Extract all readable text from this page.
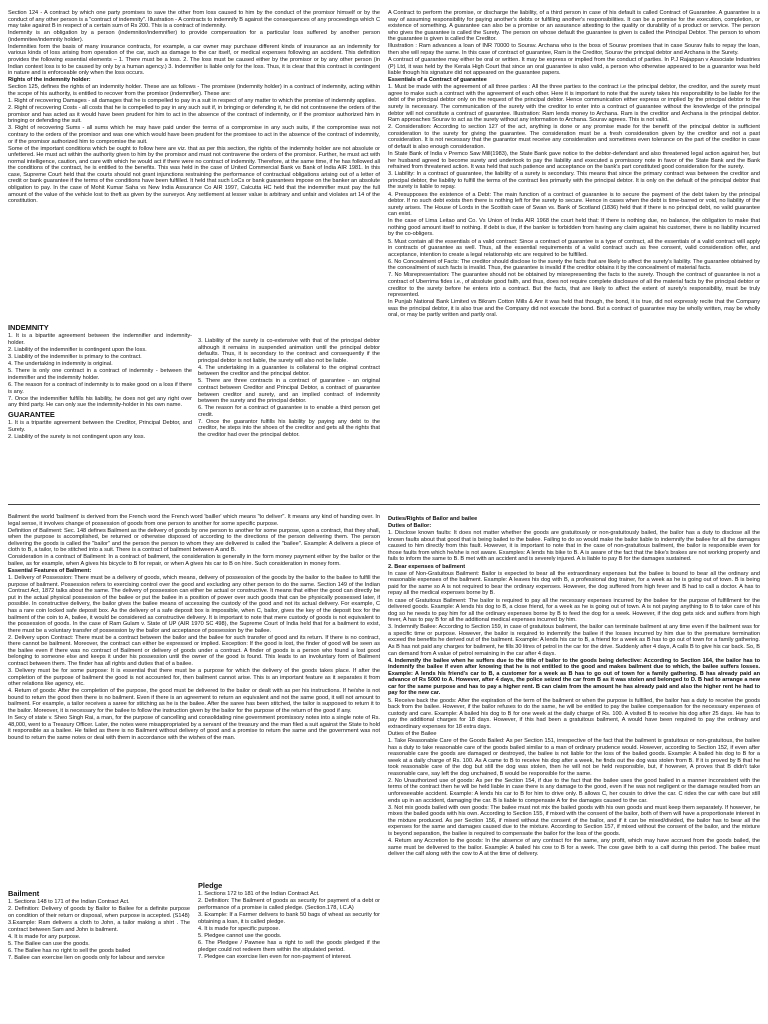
Section 124 - A contract by which one party promises to save the other from loss caused to him by the conduct of the promisor himself or by the conduct of any other person is a "contract of indemnity". Illustration - A contracts to indemnify B against the consequences of any proceedings which C may take against B in respect of a certain sum of Rs 200. This is a contract of indemnity.

Indemnity is an obligation by a person (indemnitor/indemnifier) to provide compensation for a particular loss suffered by another person (indemnitee/indemnity holder).

Indemnities form the basis of many insurance contracts, for example, a car owner may purchase different kinds of insurance as an indemnity for various kinds of loss arising from operation of the car, such as damage to the car itself, or medical expenses following an accident. This definition provides the following essential elements – 1. There must be a loss. 2. The loss must be caused either by the promisor or by any other person (in Indian context loss is to be caused by only by a human agency.) 3. Indemnifier is liable only for the loss. Thus, it is clear that this contract is contingent in nature and is enforceable only when the loss occurs.

Rights of the indemnity holder:

Section 125, defines the rights of an indemnity holder. These are as follows - The promisee (indemnity holder) in a contract of indemnity, acting within the scope of his authority, is entitled to recover from the promisor (indemnifier). These are:

1. Right of recovering Damages - all damages that he is compelled to pay in a suit in respect of any matter to which the promise of indemnity applies.

2. Right of recovering Costs - all costs that he is compelled to pay in any such suit if, in bringing or defending it, he did not contravene the orders of the promisor and has acted as it would have been prudent for him to act in the absence of the contract of indemnity, or if the promisor authorized him in bringing or defending the suit.

3. Right of recovering Sums - all sums which he may have paid under the terms of a compromise in any such suits, if the compromise was not contrary to the orders of the promisor and was one which would have been prudent for the promisee to act in the absence of the contract of indemnity, or if the promisor authorized him to compromise the suit.

Some of the important conditions which be ought to follow here are viz. that as per this section, the rights of the indemnity holder are not absolute or unfettered. He must act within the authority given to him by the promisor and must not contravene the orders of the promisor. Further, he must act with normal intelligence, caution, and care with which he would act if there were no contract of indemnity. Therefore, at the same time, if he has followed all the conditions of the contract, he is entitled to the benefits. This was held in the case of United Commercial Bank vs Bank of India AIR 1981. In this case, Supreme Court held that the courts should not grant injunctions restraining the performance of contractual obligations arising out of a letter of credit or bank guarantee if the terms of the conditions have been fulfilled. It held that such LoCs or bank guarantees impose on the banker an absolute obligation to pay. In the case of Mohit Kumar Saha vs New India Assurance Co AIR 1997, Calcutta HC held that the indemnifier must pay the full amount of the value of the vehicle lost to theft as given by the surveyor. Any settlement at lesser value is arbitrary and unfair and violates art 14 of the constitution.

INDEMNITY

1. It is a bipartite agreement between the indemnifier and indemnity-holder.

2. Liability of the indemnifier is contingent upon the loss.

3. Liability of the indemnifier is primary to the contract.

4. The undertaking in indemnity is original.

5. There is only one contract in a contract of indemnity - between the indemnifier and the indemnity holder.

6. The reason for a contract of indemnity is to make good on a loss if there is any.

7. Once the indemnifier fulfills his liability, he does not get any right over any third party. He can only sue the indemnity-holder in his own name.

GUARANTEE

1. It is a tripartite agreement between the Creditor, Principal Debtor, and Surety.

2. Liability of the surety is not contingent upon any loss.

3. Liability of the surety is co-extensive with that of the principal debtor although it remains in suspended animation until the principal debtor defaults. Thus, it is secondary to the contract and consequently if the principal debtor is not liable, the surety will also not be liable.

4. The undertaking in a guarantee is collateral to the original contract between the creditor and the principal debtor.

5. There are three contracts in a contract of guarantee - an original contract between Creditor and Principal Debtor, a contract of guarantee between creditor and surety, and an implied contract of indemnity between the surety and the principal debtor.

6. The reason for a contract of guarantee is to enable a third person get credit.

7. Once the guarantor fulfills his liability by paying any debt to the creditor, he steps into the shoes of the creditor and gets all the rights that the creditor had over the principal debtor.

A Contract to perform the promise, or discharge the liability, of a third person in case of his default is called Contract of Guarantee. A guarantee is a way of assuming responsibility for paying another's debts or fulfilling another's responsibilities. It can be a promise for the execution, completion, or existence of something. A guarantee can also be a promise or an assurance attesting to the quality or durability of a product or service. The person who gives the guarantee is called the Surety. The person on whose default the guarantee is given is called the Principal Debtor. The person to whom the guarantee is given is called the Creditor.

Illustration : Ram advances a loan of INR 70000 to Sourav. Archana who is the boss of Sourav promises that in case Sourav fails to repay the loan, then she will repay the same. In this case of contract of guarantee, Ram is the Creditor, Sourav the principal debtor and Archana is the Surety.

A contract of guarantee may either be oral or written. It may be express or implied from the conduct of parties. In P.J Rajappan v Associate Industries (P) Ltd, it was held by the Kerala High Court that since an oral guarantee is also valid, a person who otherwise appeared to be a guarantor was held liable though his signature did not appeared on the guarantee papers.

Essentials of a Contract of guarantee

1. Must be made with the agreement of all three parties : All the three parties to the contract i.e the principal debtor, the creditor, and the surety must agree to make such a contract with the agreement of each other. Here it is important to note that the surety takes his responsibility to be liable for the debt of the principal debtor only on the request of the principal debtor. Hence communication either express or implied by the principal debtor to the surety is necessary. The communication of the surety with the creditor to enter into a contract of guarantee without the knowledge of the principal debtor will not constitute a contract of guarantee. Illustration: Ram lends money to Archana. Ram is the creditor and Archana is the principal debtor. Ram approaches Sourav to act as the surety without any information to Archana. Sourav agrees. This is not valid.

2. Consideration: According to section 127 of the act, anything is done or any promise made for the benefit of the principal debtor is sufficient consideration to the surety for giving the guarantee. The consideration must be a fresh consideration given by the creditor and not a past consideration. It is not necessary that the guarantor must receive any consideration and sometimes even tolerance on the part of the creditor in case of default is also enough consideration.

In State Bank of India v Premco Saw Mill(1983), the State Bank gave notice to the debtor-defendant and also threatened legal action against her, but her husband agreed to become surety and undertook to pay the liability and executed a promissory note in favor of the State Bank and the Bank refrained from threatened action. It was held that such patience and acceptance on the bank's part constituted good consideration for the surety.

3. Liability: In a contract of guarantee, the liability of a surety is secondary. This means that since the primary contract was between the creditor and principal debtor, the liability to fulfill the terms of the contract lies primarily with the principal debtor. It is only on the default of the principal debtor that the surety is liable to repay.

4. Presupposes the existence of a Debt: The main function of a contract of guarantee is to secure the payment of the debt taken by the principal debtor. If no such debt exists then there is nothing left for the surety to secure. Hence in cases when the debt is time-barred or void, no liability of the surety arises. The House of Lords in the Scottish case of Swan vs. Bank of Scotland (1836) held that if there is no principal debt, no valid guarantee can exist.

In the case of Lima Leitao and Co. Vs Union of India AIR 1968 the court held that: If there is nothing due, no balance, the obligation to make that nothing good amount itself to nothing. If debt is due, if the banker is forbidden from having any claim against his customer, there is no liability incurred by the co-obligers.

5. Must contain all the essentials of a valid contract: Since a contract of guarantee is a type of contract, all the essentials of a valid contract will apply in contracts of guarantee as well. Thus, all the essential requirements of a valid contract such as free consent, valid consideration offer, and acceptance, intention to create a legal relationship etc are required to be fulfilled.

6. No Concealment of Facts: The creditor should disclose to the surety the facts that are likely to affect the surety's liability. The guarantee obtained by the concealment of such facts is invalid. Thus, the guarantee is invalid if the creditor obtains it by the concealment of material facts.

7. No Misrepresentation: The guarantee should not be obtained by misrepresenting the facts to the surety. Though the contract of guarantee is not a contract of Uberrima fides i.e., of absolute good faith, and thus, does not require complete disclosure of all the material facts by the principal debtor or creditor to the surety before he enters into a contract. But the facts, that are likely to affect the extent of surety's responsibility, must be truly represented.

In Punjab National Bank Limited vs Bikram Cotton Mills & Anr it was held that though, the bond, it is true, did not expressly recite that the Company was the principal debtor, it is also true and the Company did not execute the bond. But a contract of guarantee may be wholly written, may be wholly oral, or may be partly written and partly oral.

Bailment the world 'bailment' is derived from the French word the French word 'bailler' which means "to deliver". It means any kind of handing over. In legal sense, it involves change of possession of goods from one person to another for some specific purpose.

Definition of Bailment: Sec. 148 defines Bailment as the delivery of goods by one person to another for some purpose, upon a contract, that they shall, when the purpose is accomplished, be returned or otherwise disposed of according to the directions of the person delivering them. The person delivering the goods is called the "bailor" and the person the person to whom they are delivered is called the "bailee". Example: A delivers a piece of cloth to B, a tailor, to be stitched into a suit. There is a contract of bailment between A and B.

Consideration in a contract of Bailment: In a contract of bailment, the consideration is generally in the form money payment either by the bailor or the bailee, as for example, when A gives his bicycle to B for repair, or when A gives his car to B on hire. Such consideration in money form.

Essential Features of Bailment:

1. Delivery of Possession: There must be a delivery of goods, which means, delivery of possession of the goods by the bailor to the bailee to fulfill the purpose of bailment. Possession refers to exercising control over the good and excluding any other person to do the same. Section 149 of the Indian Contract Act, 1872 talks about the same. The delivery of possession can either be actual or constructive. It means that either the good can directly be put in the actual physical possession of the bailee or put the bailee in a position of power over such goods that can be physically possessed later, if possible. In constructive delivery, the bailor gives the bailee means of accessing the custody of the good and not its actual delivery. For example, C has a rare coin locked safe deposit box. As the delivery of a safe deposit box is impossible, when C, bailor, gives the key of the deposit box for the bailment of the coin to A, bailee, it would be considered as constructive delivery. It is important to note that mere custody of goods is not equivalent to the possession of goods. In the case of Ram Gulam v. State of UP (AIR 1970 SC 498), the Supreme Court of India held that for a bailment to exist, there must be a voluntary transfer of possession by the bailor and acceptance of possession by the bailee.

2. Delivery upon Contract: There must be a contract between the bailor and the bailee for such transfer of good and its return. If there is no contract, there cannot be bailment. Moreover, the contract can either be expressed or implied. Exception: If the good is lost, the finder of good will be seen as the bailee even if there was no contract of Bailment or delivery of goods under a contract. A finder of goods is a person who found a lost good belonging to someone else and keeps it under his possession until the owner of the good is found. This leads to an involuntary form of Bailment contract between them. The finder has all rights and duties that of a bailee.

3. Delivery must be for some purpose: It is essential that there must be a purpose for which the delivery of the goods takes place. If after the completion of the purpose of bailment the good is not accounted for, then bailment cannot arise. This is an important feature as it separates it from other relations like agency, etc.

4. Return of goods: After the completion of the purpose, the good must be delivered to the bailor or dealt with as per his instructions. If he/she is not bound to return the good then there is no bailment. Even if there is an agreement to return an equivalent and not the same good, it will not amount to bailment. For example, a tailor receives a saree for stitching as he is the bailee. After the saree has been stitched, the tailor is supposed to return it to the bailor. Moreover, it is necessary for the bailee to follow the instruction given by the bailor for the purpose of the return of the good if any.

In Secy of state v. Sheo Singh Rai, a man, for the purpose of cancelling and consolidating nine government promissory notes into a single note of Rs. 48,000, went to a Treasury Officer. Later, the notes were misappropriated by a servant of the treasury and the man filed a suit against the State to hold it responsible as a bailee. He failed as there is no Bailment without delivery of good and a promise to return the same and the government was not bound to return the same notes or deal with them in accordance with the wishes of the man.

Bailment

1. Sections 148 to 171 of the Indian Contract Act.

2. Definition: Delivery of goods by Bailor to Bailee for a definite purpose on condition of their return or disposal, when purpose is accepted. (S148)

3.Example: Ram delivers a cloth to John, a tailor making a shirt . The contract between Sam and John is bailment.

4. It is made for any purpose.

5. The Bailee can use the goods.

6. The Bailee has no right to sell the goods bailed

7. Bailee can exercise lien on goods only for labour and service

Pledge

1. Sections 172 to 181 of the Indian Contract Act.

2. Definition: The Bailment of goods as security for payment of a debt or performance of a promise is called pledge. (Section.178, I.C.A)

3. Example: If a Farmer delivers to bank 50 bags of wheat as security for obtaining a loan, it is called pledge.

4. It is made for specific purpose.

5. Pledgee cannot use the goods.

6. The Pledgee / Pawnee has a right to sell the goods pledged if the pledger could not redeem them within the stipulated period.

7. Pledgee can exercise lien even for non-payment of interest.

Duties/Rights of Bailor and bailee

Duties of Bailor:

1. Disclose known faults: It does not matter whether the goods are gratuitously or non-gratuitously bailed, the bailor has a duty to disclose all the known faults about that good that is being bailed to the bailee. Failing to do so would make the bailor liable to indemnify the bailee for all the damages caused to him directly from this fault. However, it is important to note that in the case of non-gratuitous bailment, the bailor is responsible even for those faults from which he/she is not aware. Examples: A lends his bike to B. A is aware of the fact that the bike's brakes are not working properly and fails to inform the same to B. B met with an accident and is severely injured. A is liable to pay B for the damages sustained.

2. Bear expenses of bailment

In case of Non-Gratuitous Bailment: Bailor is expected to bear all the extraordinary expenses but the bailee is bound to bear all the ordinary and reasonable expenses of the bailment. Example: A leaves his dog with B, a professional dog trainer, for a week as he is going out of town. B is being paid for the same so A is not required to bear the ordinary expenses. However, the dog suffered from high fever and B had to call a doctor. A has to repay all the medical expenses borne by B.

In case of Gratuitous Bailment: The bailor is required to pay all the necessary expenses incurred by the bailee for the purpose of fulfillment for the delivered goods. Example: A lends his dog to B, a close friend, for a week as he is going out of town. A is not paying anything to B to take care of his dog so he needs to pay him for all the ordinary expenses borne by B to feed the dog for a week. However, if the dog gets sick and suffers from high fever, A has to pay B for all the additional medical expenses incurred by him.

3. Indemnify Bailee: According to Section 159, in case of gratuitous bailment, the bailor can terminate bailment at any time even if the bailment was for a specific time or purpose. However, the bailor is required to indemnify the bailee if the losses incurred by him due to the premature termination exceed the benefits he derived out of the bailment. Example: A lends his car to B, a friend for a week as B has to go out of town for a family gathering. As B has not paid any charges for bailment, he fills 30 litres of petrol in the car for the drive. Suddenly after 4 days, A calls B to give his car back. So, B can demand from A value of petrol remaining in the car after 4 days.

4. Indemnify the bailee when he suffers due to the title of bailor to the goods being defective: According to Section 164, the bailor has to indemnify the bailee if even after knowing that he is not entitled to the good and makes bailment due to which, the bailee suffers losses. Example: A lends his friend's car to B, a customer for a week as B has to go out of town for a family gathering. B has already paid an advance of Rs 5000 to A. However, after 4 days, the police seized the car from B as it was stolen and belonged to D. B had to arrange a new car for the same purpose and has to pay a higher rent. B can claim from the amount he has already paid and also the higher rent he had to pay for the new car.

5. Receive back the goods: After the expiration of the term of the bailment or when the purpose is fulfilled, the bailor has a duty to receive the goods back from the bailee. However, if the bailor refuses to do the same, he will be entitled to pay the bailee compensation for the necessary expenses of custody and care. Example: A bailed his dog to B for one week at the daily charge of Rs. 100. A visited B to receive his dog after 25 days. He has to pay the additional charges for 18 days. However, if this had been a gratuitous bailment, A would have been required to pay the ordinary and extraordinary expenses for 18 extra days.

Duties of the Bailee

1. Take Reasonable Care of the Goods Bailed: As per Section 151, irrespective of the fact that the bailment is gratuitous or non-gratuitous, the bailee has a duty to take reasonable care of the goods bailed similar to a man of ordinary prudence would. However, according to Section 152, if even after reasonable care the goods are damaged or destroyed, the bailee is not liable for the loss of the bailed goods. Example: A bailed his dog to B for a week at a daily charge of Rs. 100. As A came to B to receive his dog after a week, he finds out the dog was stolen from B. If it is proved by B that he took reasonable care of the dog but still the dog was stolen, then he will not be held responsible, but, if however, A proves that B didn't take reasonable care, say left the dog unchained, B would be responsible for the same.

2. No Unauthorized use of goods: As per the Section 154, if due to the fact that the bailee uses the good bailed in a manner inconsistent with the terms of the contract then he will be held liable in case there is any damage to the good, even if he was not negligent or the damage resulted from an unforeseeable accident. Example: A lends his car to B for him to drive only. B allows C, her cousin to drive the car. C rides the car with care but still ends up in an accident, damaging the car. B is liable to compensate A for the damages caused to the car.

3. Not mix goods bailed with own goods: The bailee must not mix the bailed goods with his own goods and must keep them separately. If however, he mixes the bailed goods with his own. According to Section 155, if mixed with the consent of the bailor, both of them will have a proportionate interest in the mixture produced. As per Section 156, if mixed without the consent of the bailor, and if it can be mixed/divided, the bailor has to bear all the expenses for the same and damages caused due to the mixture. According to Section 157, if mixed without the consent of the bailor, and the mixture is beyond separation, the bailee is required to compensate the bailor for the loss of the goods.

4. Return any Accretion to the goods: In the absence of any contract for the same, any profit, which may have accrued from the goods bailed, the same must be delivered to the bailor. Example: A bailed his cow to B for a week. The cow gave birth to a calf during this period. The bailee must deliver the calf along with the cow to A at the time of delivery.
